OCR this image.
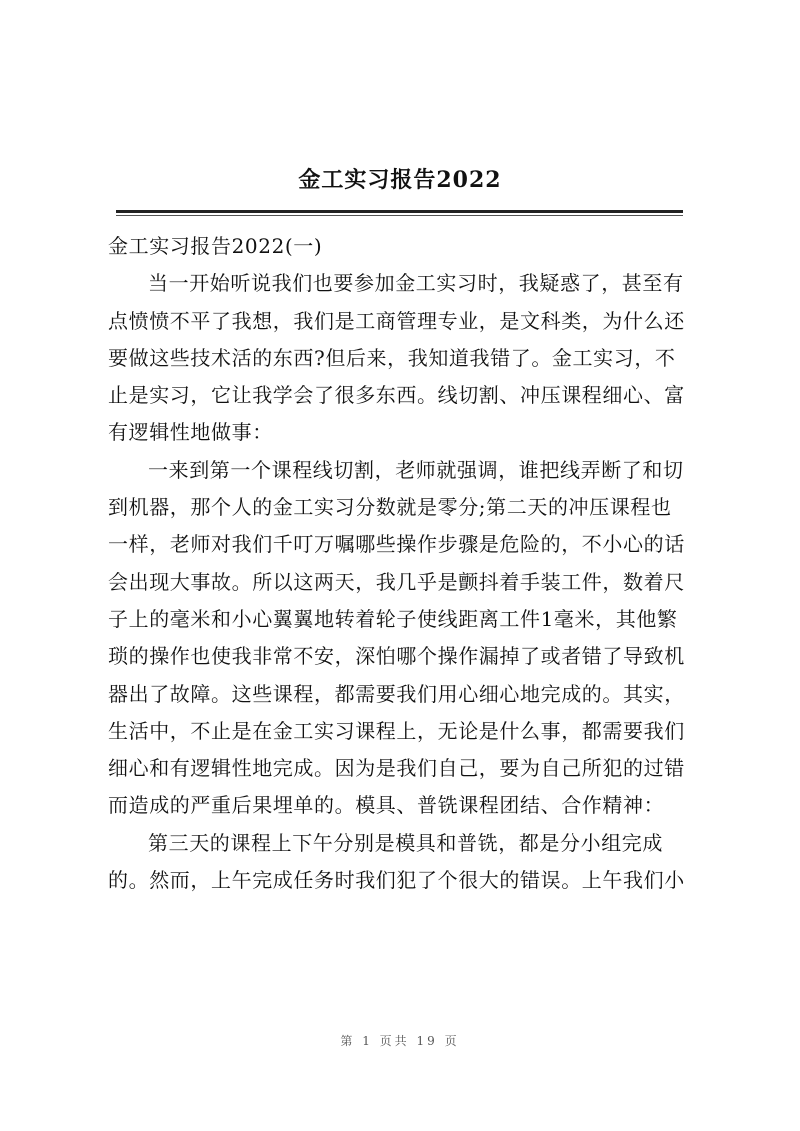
金工实习报告2022
金工实习报告2022(一)
当一开始听说我们也要参加金工实习时，我疑惑了，甚至有
点愤愤不平了我想，我们是工商管理专业，是文科类，为什么还
要做这些技术活的东西?但后来，我知道我错了。金工实习，不
止是实习，它让我学会了很多东西。线切割、冲压课程细心、富
有逻辑性地做事：
一来到第一个课程线切割，老师就强调，谁把线弄断了和切
到机器，那个人的金工实习分数就是零分;第二天的冲压课程也
一样，老师对我们千叮万嘱哪些操作步骤是危险的，不小心的话
会出现大事故。所以这两天，我几乎是颤抖着手装工件，数着尺
子上的毫米和小心翼翼地转着轮子使线距离工件1毫米，其他繁
琐的操作也使我非常不安，深怕哪个操作漏掉了或者错了导致机
器出了故障。这些课程，都需要我们用心细心地完成的。其实，
生活中，不止是在金工实习课程上，无论是什么事，都需要我们
细心和有逻辑性地完成。因为是我们自己，要为自己所犯的过错
而造成的严重后果埋单的。模具、普铣课程团结、合作精神：
第三天的课程上下午分别是模具和普铣，都是分小组完成
的。然而，上午完成任务时我们犯了个很大的错误。上午我们小
第 1 页共 19 页
